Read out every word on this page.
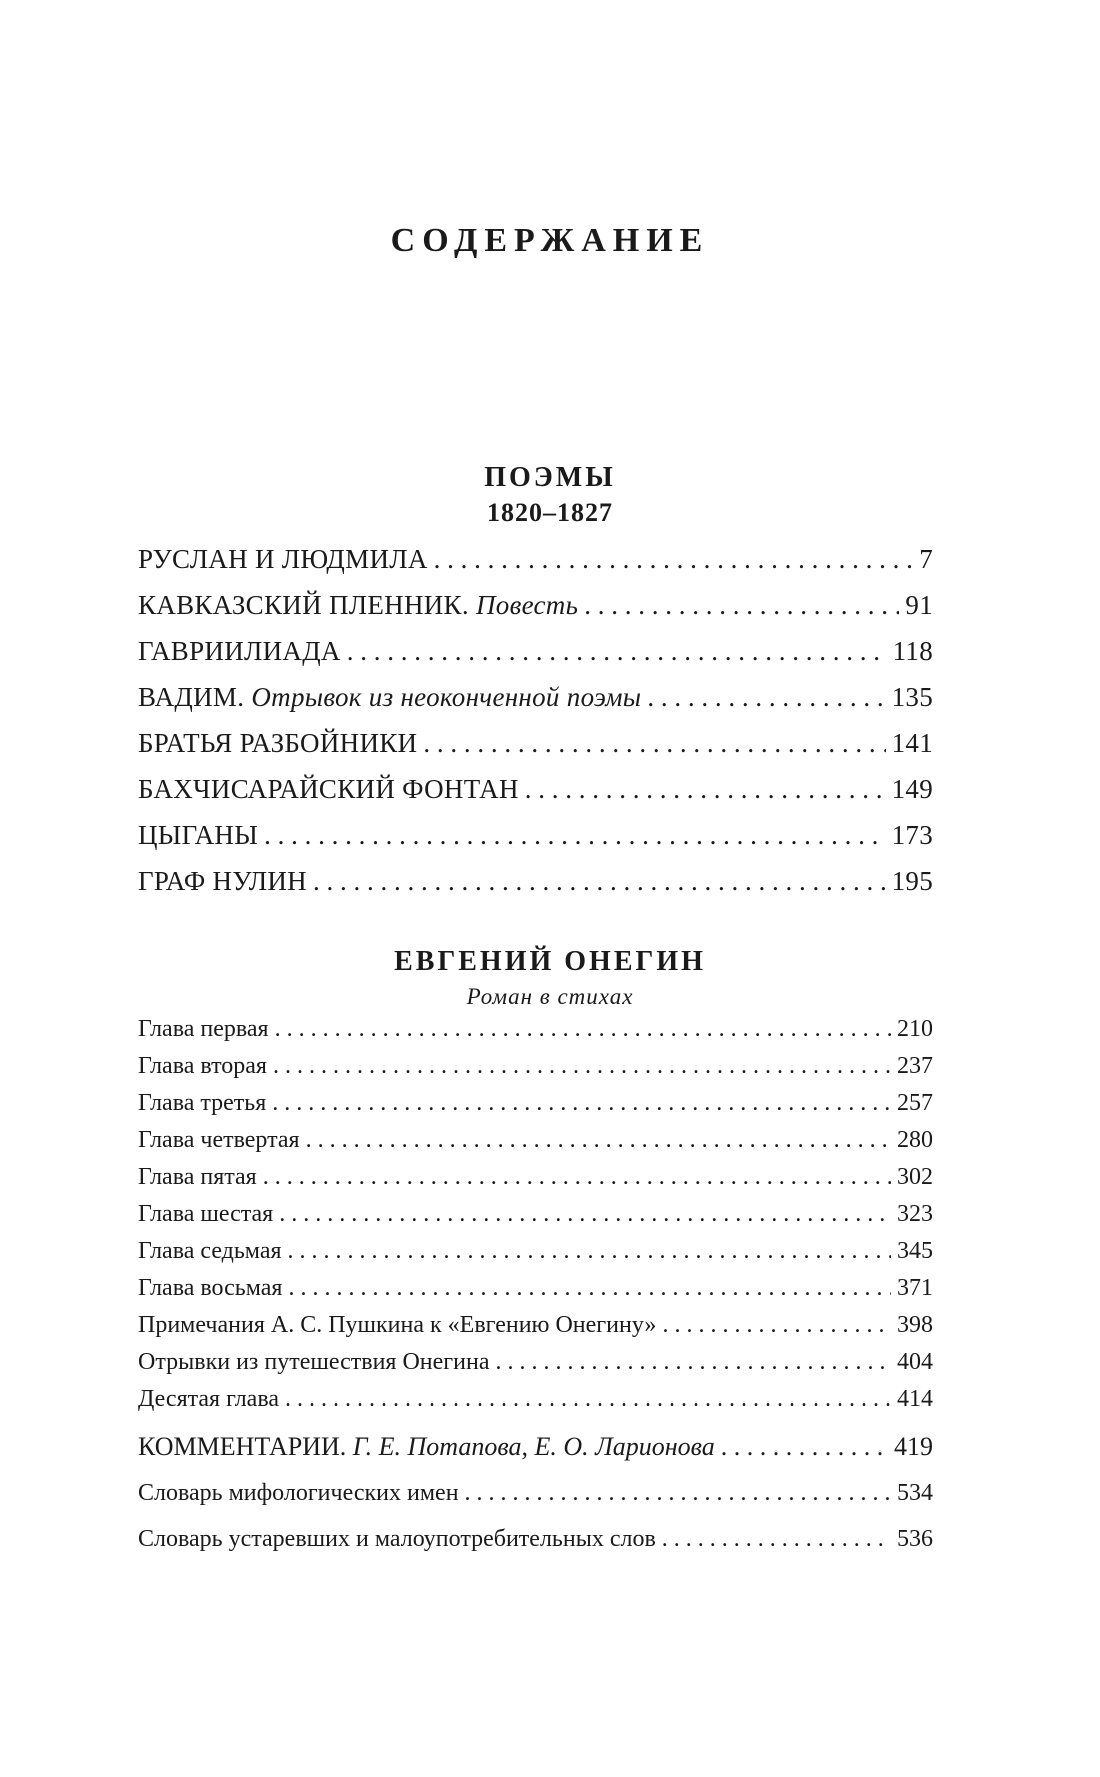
СОДЕРЖАНИЕ
ПОЭМЫ
1820–1827
РУСЛАН И ЛЮДМИЛА . . .	7
КАВКАЗСКИЙ ПЛЕННИК. Повесть . . .	91
ГАВРИИЛИАДА . . .	118
ВАДИМ. Отрывок из неоконченной поэмы . . .	135
БРАТЬЯ РАЗБОЙНИКИ . . .	141
БАХЧИСАРАЙСКИЙ ФОНТАН . . .	149
ЦЫГАНЫ . . .	173
ГРАФ НУЛИН . . .	195
ЕВГЕНИЙ ОНЕГИН
Роман в стихах
Глава первая . . .	210
Глава вторая . . .	237
Глава третья . . .	257
Глава четвертая . . .	280
Глава пятая . . .	302
Глава шестая . . .	323
Глава седьмая . . .	345
Глава восьмая . . .	371
Примечания А. С. Пушкина к «Евгению Онегину» . . .	398
Отрывки из путешествия Онегина . . .	404
Десятая глава . . .	414
КОММЕНТАРИИ. Г. Е. Потапова, Е. О. Ларионова . . .	419
Словарь мифологических имен . . .	534
Словарь устаревших и малоупотребительных слов . . .	536
